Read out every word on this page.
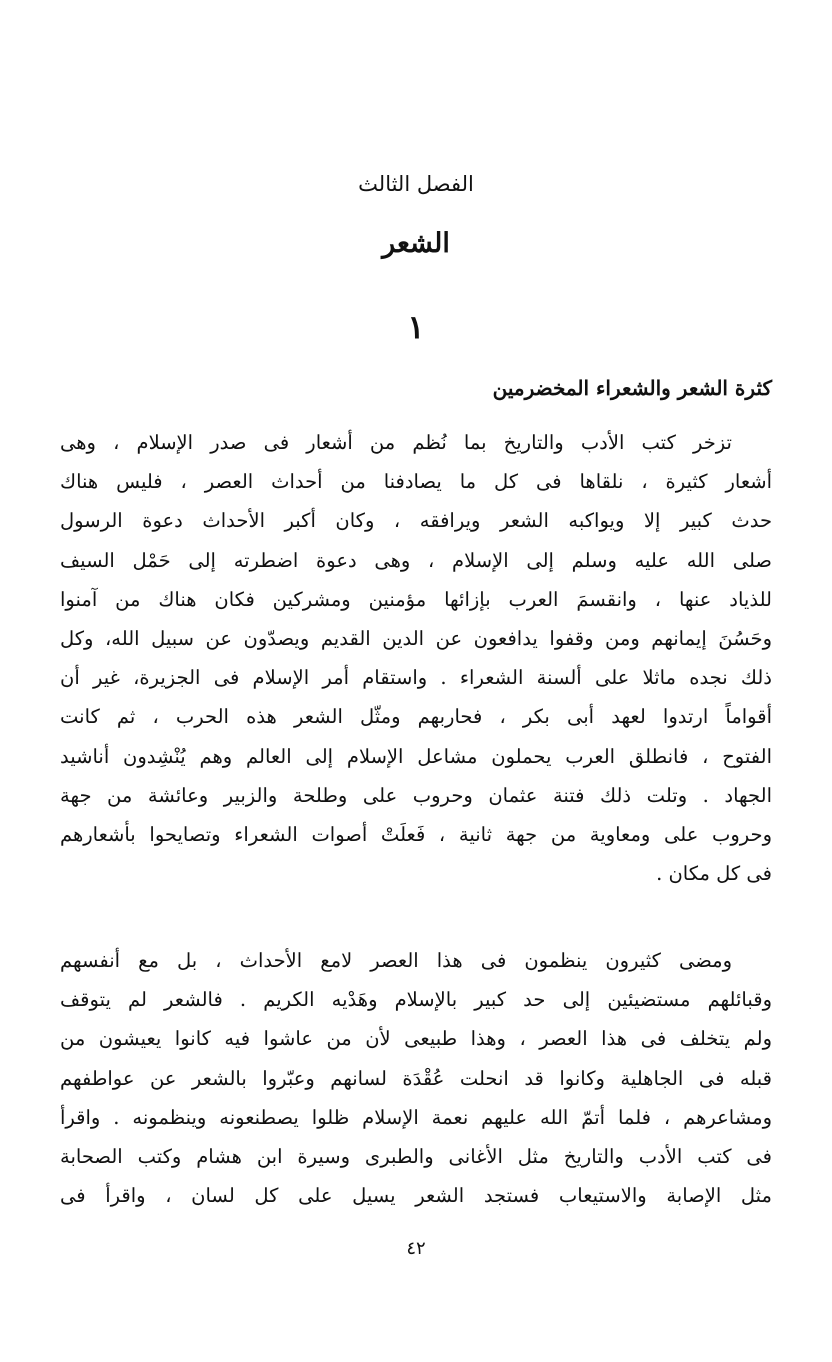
الفصل الثالث
الشعر
١
كثرة الشعر والشعراء المخضرمين
تزخر كتب الأدب والتاريخ بما نُظم من أشعار فى صدر الإسلام ، وهى
أشعار كثيرة ، نلقاها فى كل ما يصادفنا من أحداث العصر ، فليس هناك
حدث كبير إلا ويواكبه الشعر ويرافقه ، وكان أكبر الأحداث دعوة الرسول
صلى الله عليه وسلم إلى الإسلام ، وهى دعوة اضطرته إلى حَمْل السيف
للذياد عنها ، وانقسمَ العرب بإزائها مؤمنين ومشركين فكان هناك من آمنوا
وحَسُنَ إيمانهم ومن وقفوا يدافعون عن الدين القديم ويصدّون عن سبيل الله، وكل
ذلك نجده ماثلا على ألسنة الشعراء . واستقام أمر الإسلام فى الجزيرة، غير أن
أقواماً ارتدوا لعهد أبى بكر ، فحاربهم ومثّل الشعر هذه الحرب ، ثم كانت
الفتوح ، فانطلق العرب يحملون مشاعل الإسلام إلى العالم وهم يُنْشِدون أناشيد
الجهاد . وتلت ذلك فتنة عثمان وحروب على وطلحة والزبير وعائشة من جهة
وحروب على ومعاوية من جهة ثانية ، فَعلَتْ أصوات الشعراء وتصايحوا بأشعارهم
فى كل مكان .
ومضى كثيرون ينظمون فى هذا العصر لامع الأحداث ، بل مع أنفسهم
وقبائلهم مستضيئين إلى حد كبير بالإسلام وهَدْيه الكريم . فالشعر لم يتوقف
ولم يتخلف فى هذا العصر ، وهذا طبيعى لأن من عاشوا فيه كانوا يعيشون من
قبله فى الجاهلية وكانوا قد انحلت عُقْدَة لسانهم وعبّروا بالشعر عن عواطفهم
ومشاعرهم ، فلما أتمّ الله عليهم نعمة الإسلام ظلوا يصطنعونه وينظمونه . واقرأ
فى كتب الأدب والتاريخ مثل الأغانى والطبرى وسيرة ابن هشام وكتب الصحابة
مثل الإصابة والاستيعاب فستجد الشعر يسيل على كل لسان ، واقرأ فى
٤٢
